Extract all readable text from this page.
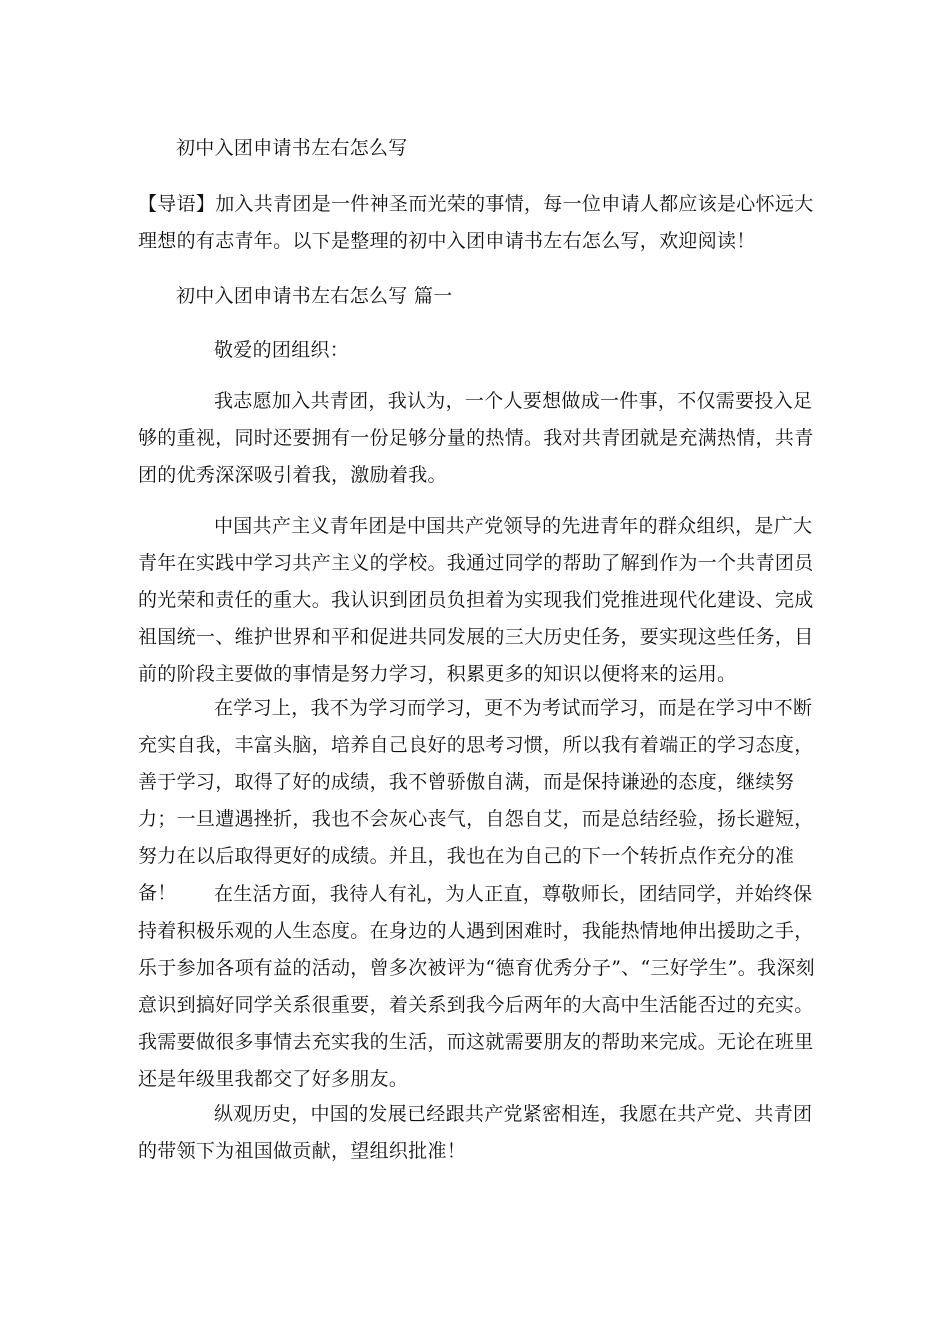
初中入团申请书左右怎么写

【导语】加入共青团是一件神圣而光荣的事情，每一位申请人都应该是心怀远大理想的有志青年。以下是整理的初中入团申请书左右怎么写，欢迎阅读！

初中入团申请书左右怎么写 篇一
敬爱的团组织：

我志愿加入共青团，我认为，一个人要想做成一件事，不仅需要投入足够的重视，同时还要拥有一份足够分量的热情。我对共青团就是充满热情，共青团的优秀深深吸引着我，激励着我。

中国共产主义青年团是中国共产党领导的先进青年的群众组织，是广大青年在实践中学习共产主义的学校。我通过同学的帮助了解到作为一个共青团员的光荣和责任的重大。我认识到团员负担着为实现我们党推进现代化建设、完成祖国统一、维护世界和平和促进共同发展的三大历史任务，要实现这些任务，目前的阶段主要做的事情是努力学习，积累更多的知识以便将来的运用。

在学习上，我不为学习而学习，更不为考试而学习，而是在学习中不断充实自我，丰富头脑，培养自己良好的思考习惯，所以我有着端正的学习态度，善于学习，取得了好的成绩，我不曾骄傲自满，而是保持谦逊的态度，继续努力；一旦遭遇挫折，我也不会灰心丧气，自怨自艾，而是总结经验，扬长避短，努力在以后取得更好的成绩。并且，我也在为自己的下一个转折点作充分的准备！	在生活方面，我待人有礼，为人正直，尊敬师长，团结同学，并始终保持着积极乐观的人生态度。在身边的人遇到困难时，我能热情地伸出援助之手，乐于参加各项有益的活动，曾多次被评为“德育优秀分子”、“三好学生”。我深刻意识到搞好同学关系很重要，着关系到我今后两年的大高中生活能否过的充实。我需要做很多事情去充实我的生活，而这就需要朋友的帮助来完成。无论在班里还是年级里我都交了好多朋友。

纵观历史，中国的发展已经跟共产党紧密相连，我愿在共产党、共青团的带领下为祖国做贡献，望组织批准！
